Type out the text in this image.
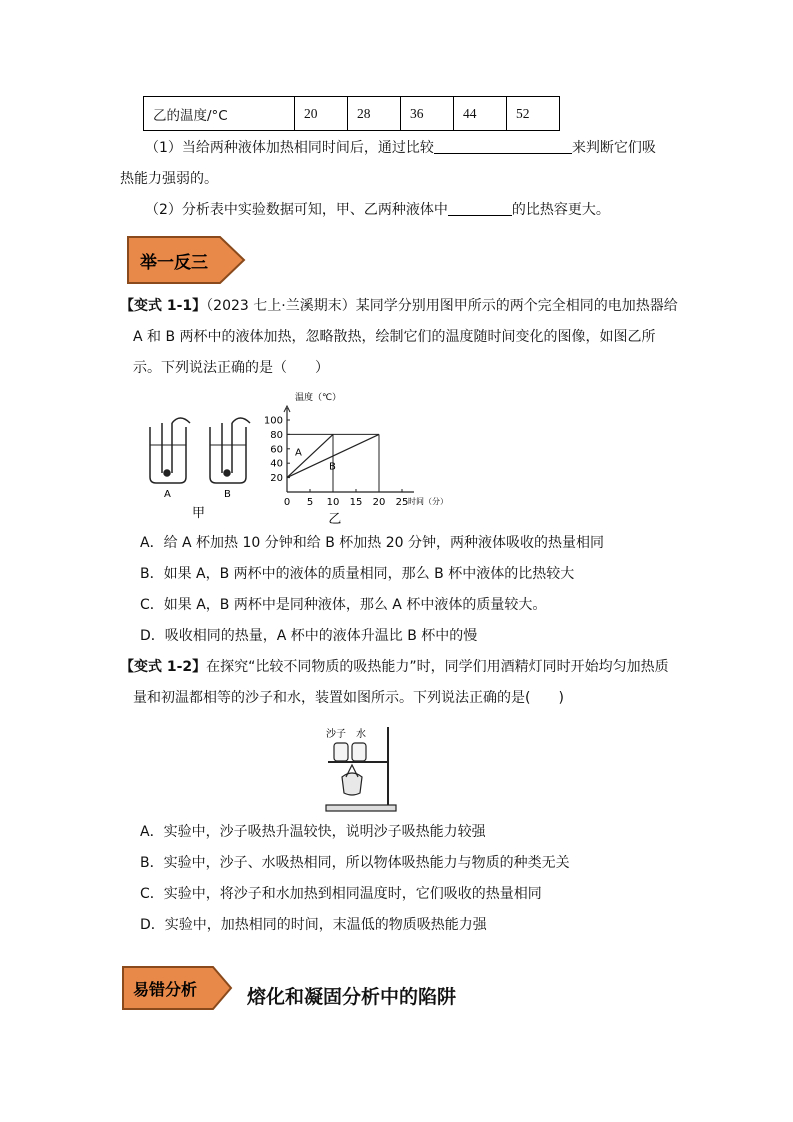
乙的温度/°C	20	28	36	44	52
（1）当给两种液体加热相同时间后，通过比较	来判断它们吸
热能力强弱的。
（2）分析表中实验数据可知，甲、乙两种液体中	的比热容更大。
举一反三
【变式 1-1】（2023 七上·兰溪期末）某同学分别用图甲所示的两个完全相同的电加热器给
A 和 B 两杯中的液体加热，忽略散热，绘制它们的温度随时间变化的图像，如图乙所
示。下列说法正确的是（　　）
A	B
甲
20
40
60
80
100
0 5 10 15 20 25
A
B
温度（℃）
时间（分）
乙
A．给 A 杯加热 10 分钟和给 B 杯加热 20 分钟，两种液体吸收的热量相同
B．如果 A，B 两杯中的液体的质量相同，那么 B 杯中液体的比热较大
C．如果 A，B 两杯中是同种液体，那么 A 杯中液体的质量较大。
D．吸收相同的热量，A 杯中的液体升温比 B 杯中的慢
【变式 1-2】在探究“比较不同物质的吸热能力”时，同学们用酒精灯同时开始均匀加热质
量和初温都相等的沙子和水，装置如图所示。下列说法正确的是(　　)
沙子 水
A．实验中，沙子吸热升温较快，说明沙子吸热能力较强
B．实验中，沙子、水吸热相同，所以物体吸热能力与物质的种类无关
C．实验中，将沙子和水加热到相同温度时，它们吸收的热量相同
D．实验中，加热相同的时间，末温低的物质吸热能力强
易错分析	熔化和凝固分析中的陷阱
